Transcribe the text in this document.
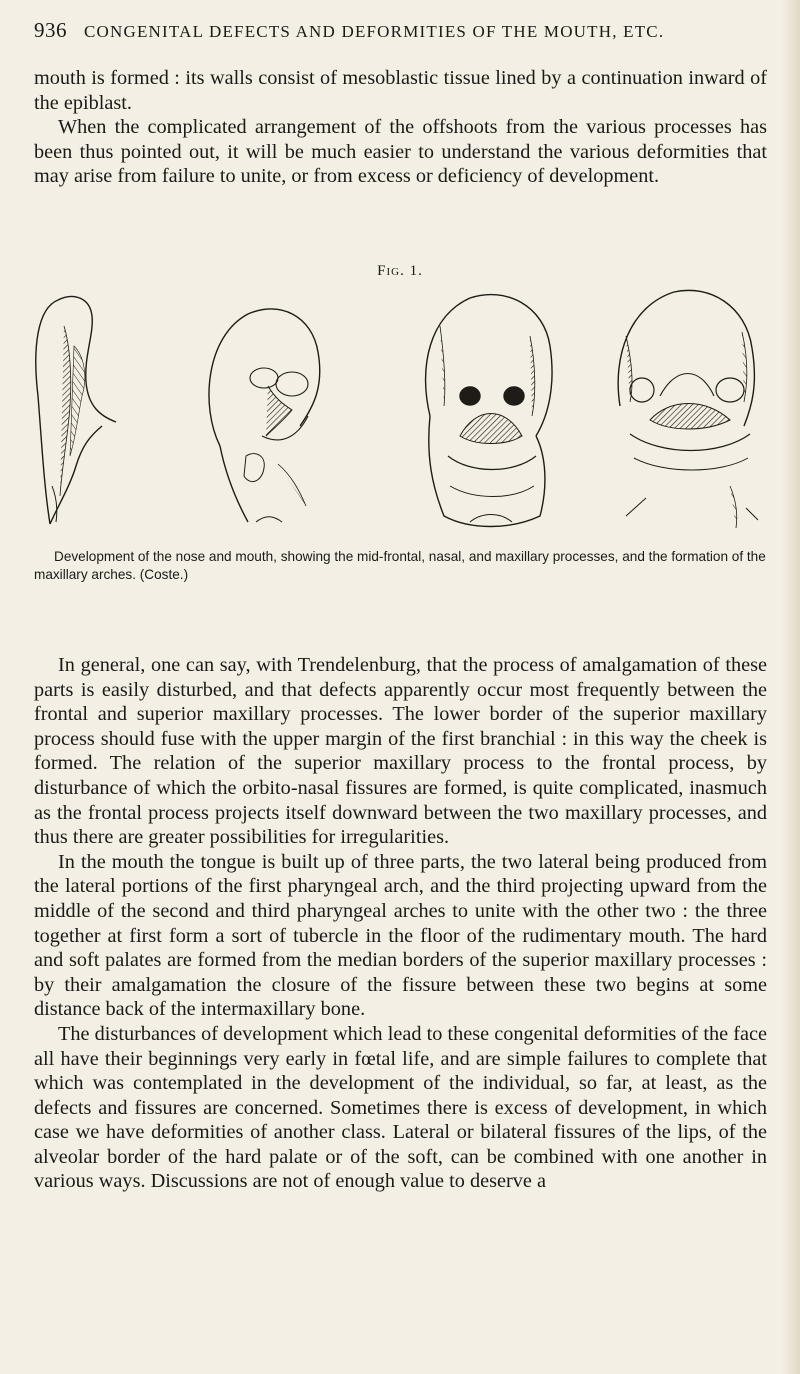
936 CONGENITAL DEFECTS AND DEFORMITIES OF THE MOUTH, ETC.

mouth is formed : its walls consist of mesoblastic tissue lined by a continuation inward of the epiblast.

When the complicated arrangement of the offshoots from the various processes has been thus pointed out, it will be much easier to understand the various deformities that may arise from failure to unite, or from excess or deficiency of development.

Fig. 1.
Development of the nose and mouth, showing the mid-frontal, nasal, and maxillary processes, and the formation of the maxillary arches. (Coste.)

In general, one can say, with Trendelenburg, that the process of amalgamation of these parts is easily disturbed, and that defects apparently occur most frequently between the frontal and superior maxillary processes. The lower border of the superior maxillary process should fuse with the upper margin of the first branchial : in this way the cheek is formed. The relation of the superior maxillary process to the frontal process, by disturbance of which the orbito-nasal fissures are formed, is quite complicated, inasmuch as the frontal process projects itself downward between the two maxillary processes, and thus there are greater possibilities for irregularities.

In the mouth the tongue is built up of three parts, the two lateral being produced from the lateral portions of the first pharyngeal arch, and the third projecting upward from the middle of the second and third pharyngeal arches to unite with the other two : the three together at first form a sort of tubercle in the floor of the rudimentary mouth. The hard and soft palates are formed from the median borders of the superior maxillary processes : by their amalgamation the closure of the fissure between these two begins at some distance back of the intermaxillary bone.

The disturbances of development which lead to these congenital deformities of the face all have their beginnings very early in fœtal life, and are simple failures to complete that which was contemplated in the development of the individual, so far, at least, as the defects and fissures are concerned. Sometimes there is excess of development, in which case we have deformities of another class. Lateral or bilateral fissures of the lips, of the alveolar border of the hard palate or of the soft, can be combined with one another in various ways. Discussions are not of enough value to deserve a
